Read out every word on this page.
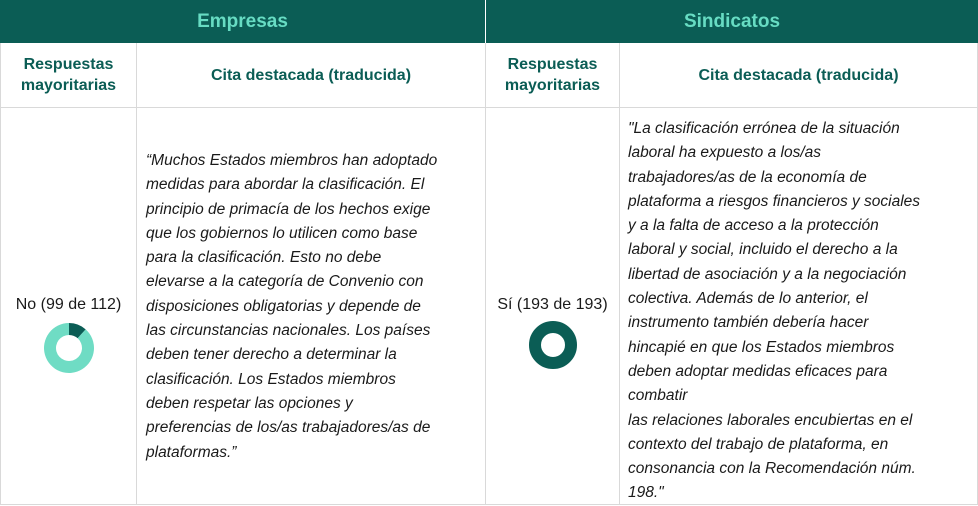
Empresas	Sindicatos
Respuestas
mayoritarias
Cita destacada (traducida)
Respuestas
mayoritarias
Cita destacada (traducida)
No (99 de 112)

“Muchos Estados miembros han adoptado
medidas para abordar la clasificación. El
principio de primacía de los hechos exige
que los gobiernos lo utilicen como base
para la clasificación. Esto no debe
elevarse a la categoría de Convenio con
disposiciones obligatorias y depende de
las circunstancias nacionales. Los países
deben tener derecho a determinar la
clasificación. Los Estados miembros
deben respetar las opciones y
preferencias de los/as trabajadores/as de
plataformas.”

Sí (193 de 193)

"La clasificación errónea de la situación
laboral ha expuesto a los/as
trabajadores/as de la economía de
plataforma a riesgos financieros y sociales
y a la falta de acceso a la protección
laboral y social, incluido el derecho a la
libertad de asociación y a la negociación
colectiva. Además de lo anterior, el
instrumento también debería hacer
hincapié en que los Estados miembros
deben adoptar medidas eficaces para
combatir
las relaciones laborales encubiertas en el
contexto del trabajo de plataforma, en
consonancia con la Recomendación núm.
198."
